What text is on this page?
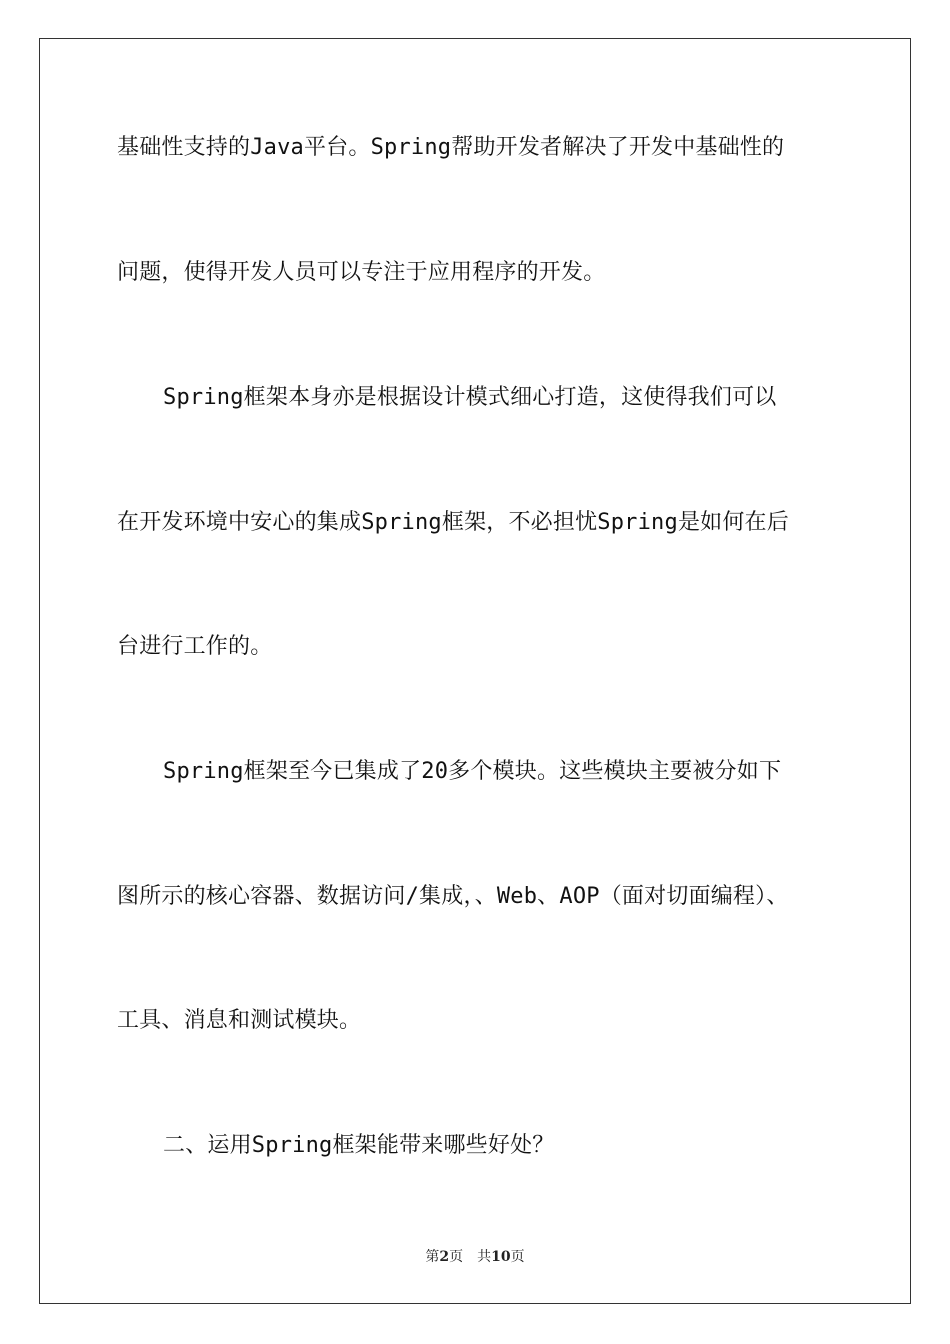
基础性支持的Java平台。Spring帮助开发者解决了开发中基础性的
问题，使得开发人员可以专注于应用程序的开发。
Spring框架本身亦是根据设计模式细心打造，这使得我们可以
在开发环境中安心的集成Spring框架，不必担忧Spring是如何在后
台进行工作的。
Spring框架至今已集成了20多个模块。这些模块主要被分如下
图所示的核心容器、数据访问/集成，、Web、AOP（面对切面编程）、
工具、消息和测试模块。
二、运用Spring框架能带来哪些好处？
第2页 共10页
